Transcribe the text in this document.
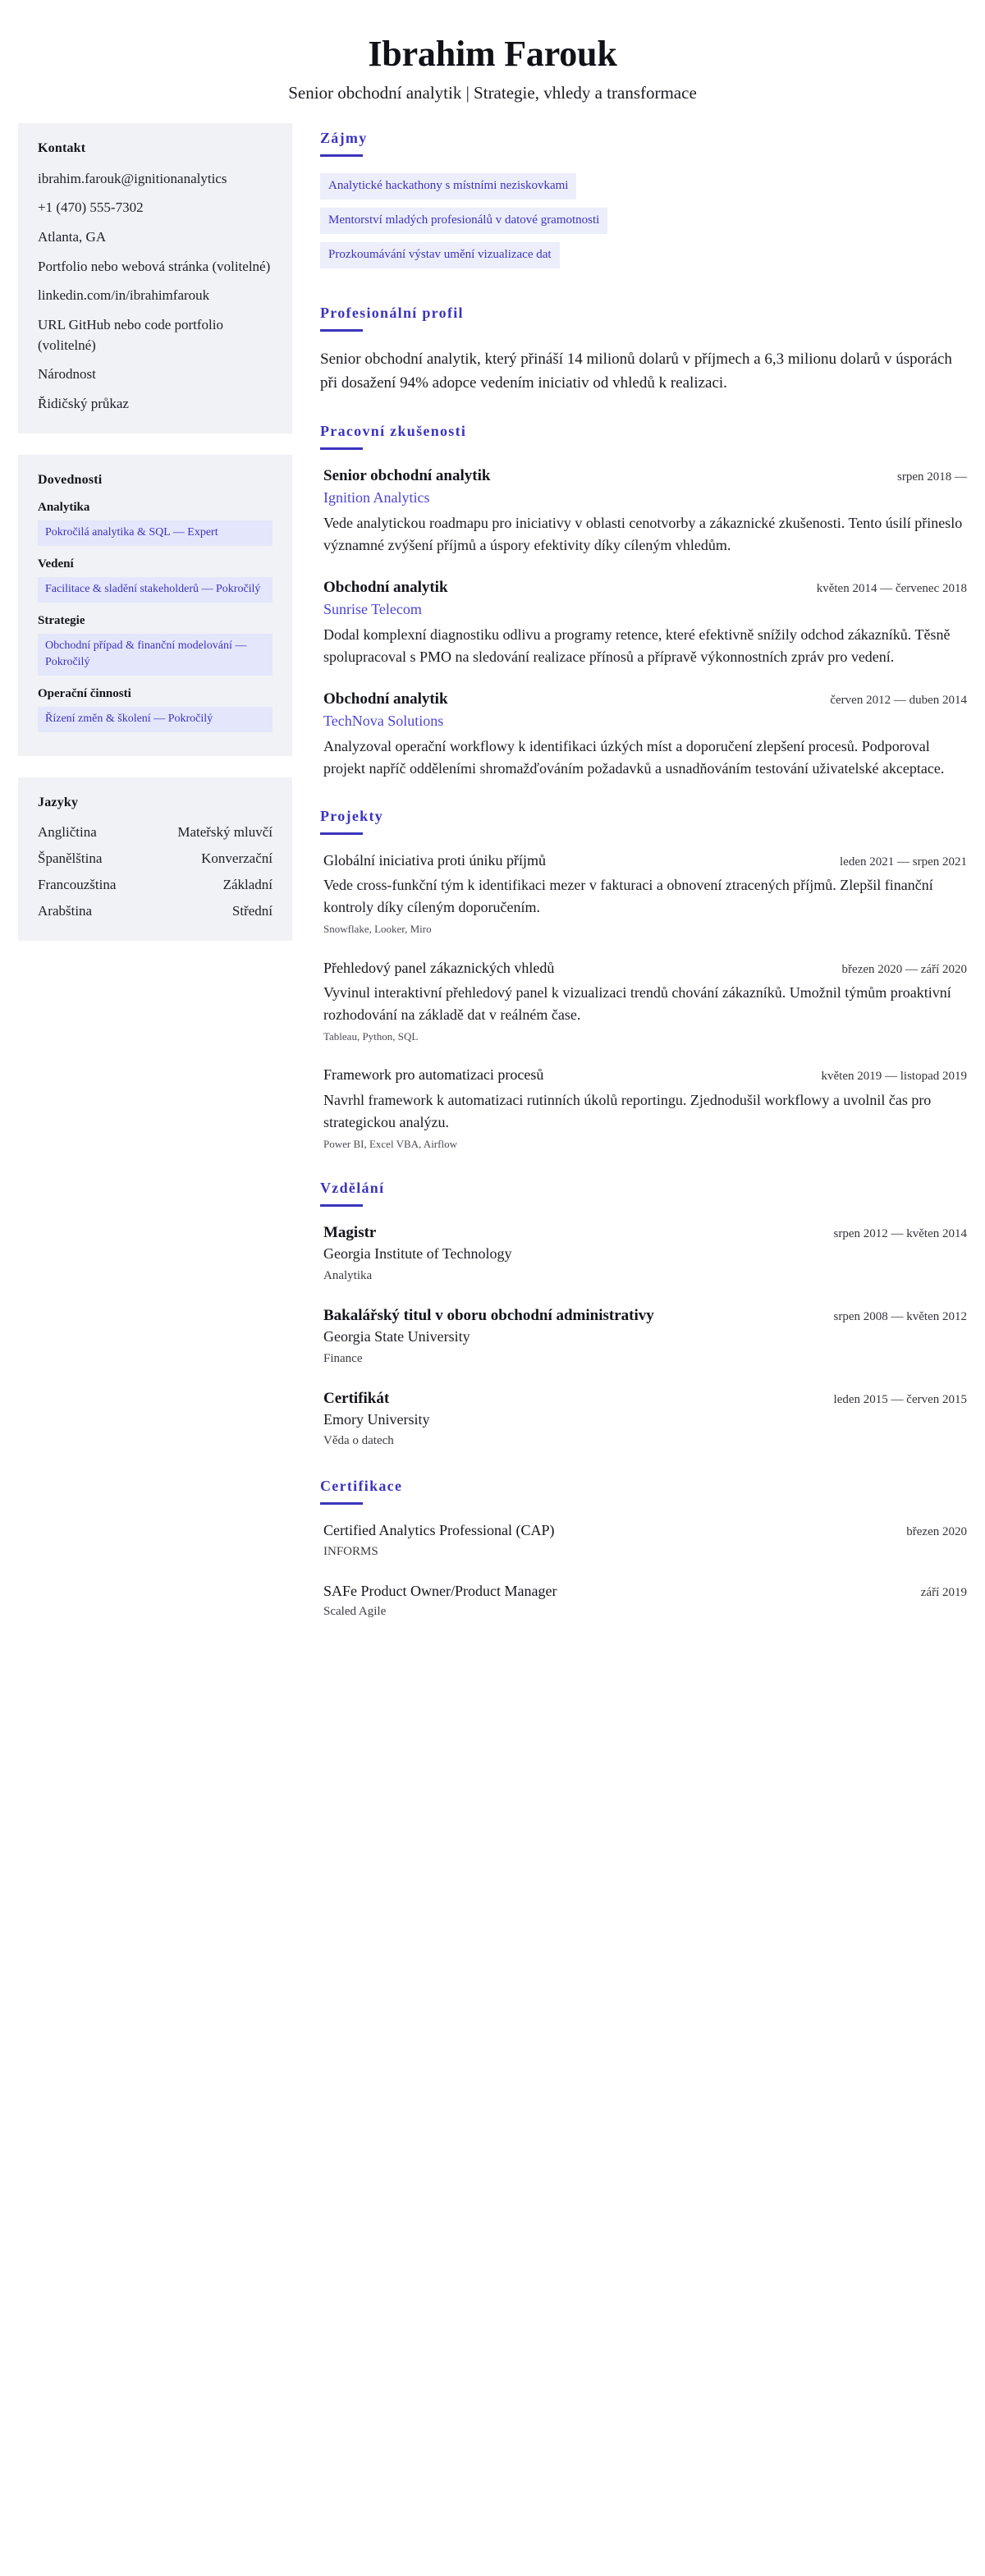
Ibrahim Farouk

Senior obchodní analytik | Strategie, vhledy a transformace

Kontakt
ibrahim.farouk@ignitionanalytics
+1 (470) 555-7302
Atlanta, GA
Portfolio nebo webová stránka (volitelné)
linkedin.com/in/ibrahimfarouk
URL GitHub nebo code portfolio (volitelné)
Národnost
Řidičský průkaz
Dovednosti
Analytika
Pokročilá analytika & SQL — Expert
Vedení
Facilitace & sladění stakeholderů — Pokročilý
Strategie
Obchodní případ & finanční modelování — Pokročilý
Operační činnosti
Řízení změn & školení — Pokročilý
Jazyky
Angličtina	Mateřský mluvčí
Španělština	Konverzační
Francouzština	Základní
Arabština	Střední
Zájmy
Analytické hackathony s místními neziskovkami
Mentorství mladých profesionálů v datové gramotnosti
Prozkoumávání výstav umění vizualizace dat
Profesionální profil

Senior obchodní analytik, který přináší 14 milionů dolarů v příjmech a 6,3 milionu dolarů v úsporách při dosažení 94% adopce vedením iniciativ od vhledů k realizaci.

Pracovní zkušenosti
Senior obchodní analytik	srpen 2018 —
Ignition Analytics
Vede analytickou roadmapu pro iniciativy v oblasti cenotvorby a zákaznické zkušenosti. Tento úsilí přineslo významné zvýšení příjmů a úspory efektivity díky cíleným vhledům.
Obchodní analytik	květen 2014 — červenec 2018
Sunrise Telecom
Dodal komplexní diagnostiku odlivu a programy retence, které efektivně snížily odchod zákazníků. Těsně spolupracoval s PMO na sledování realizace přínosů a přípravě výkonnostních zpráv pro vedení.
Obchodní analytik	červen 2012 — duben 2014
TechNova Solutions
Analyzoval operační workflowy k identifikaci úzkých míst a doporučení zlepšení procesů. Podporoval projekt napříč odděleními shromažďováním požadavků a usnadňováním testování uživatelské akceptace.
Projekty
Globální iniciativa proti úniku příjmů	leden 2021 — srpen 2021
Vede cross-funkční tým k identifikaci mezer v fakturaci a obnovení ztracených příjmů. Zlepšil finanční kontroly díky cíleným doporučením.
Snowflake, Looker, Miro
Přehledový panel zákaznických vhledů	březen 2020 — září 2020
Vyvinul interaktivní přehledový panel k vizualizaci trendů chování zákazníků. Umožnil týmům proaktivní rozhodování na základě dat v reálném čase.
Tableau, Python, SQL
Framework pro automatizaci procesů	květen 2019 — listopad 2019
Navrhl framework k automatizaci rutinních úkolů reportingu. Zjednodušil workflowy a uvolnil čas pro strategickou analýzu.
Power BI, Excel VBA, Airflow
Vzdělání
Magistr	srpen 2012 — květen 2014
Georgia Institute of Technology
Analytika
Bakalářský titul v oboru obchodní administrativy	srpen 2008 — květen 2012
Georgia State University
Finance
Certifikát	leden 2015 — červen 2015
Emory University
Věda o datech
Certifikace
Certified Analytics Professional (CAP)	březen 2020
INFORMS
SAFe Product Owner/Product Manager	září 2019
Scaled Agile
